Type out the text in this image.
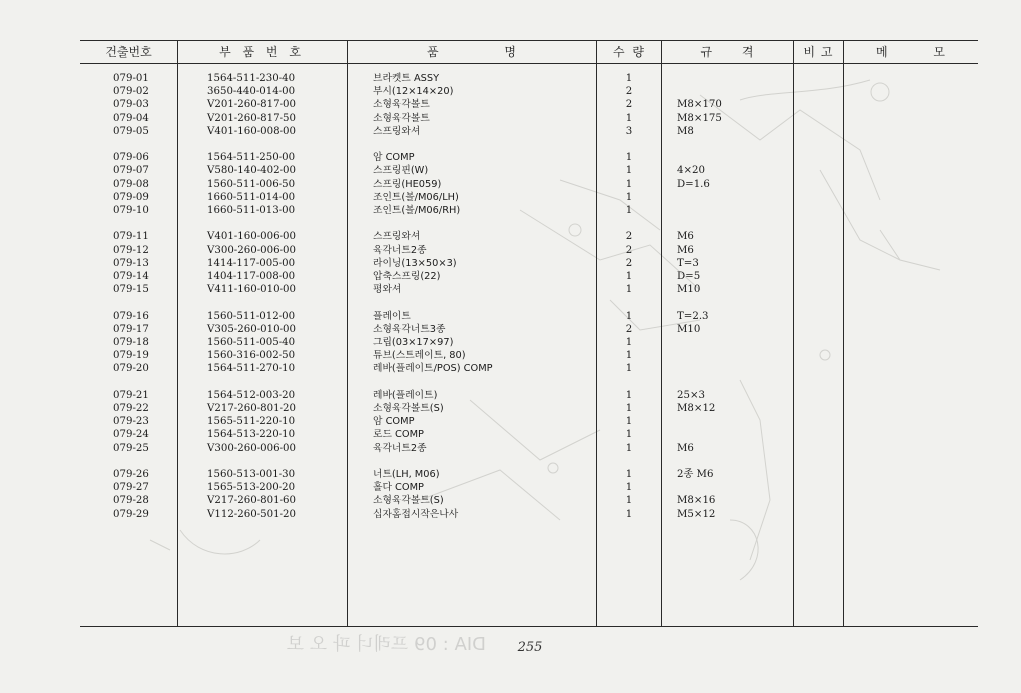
건출번호	부 품 번 호	품 명	수 량	규 격	비 고	메 모
079-01	1564-511-230-40	브라켓트 ASSY	1
079-02	3650-440-014-00	부시(12×14×20)	2
079-03	V201-260-817-00	소형육각볼트	2	M8×170
079-04	V201-260-817-50	소형육각볼트	1	M8×175
079-05	V401-160-008-00	스프링와셔	3	M8
079-06	1564-511-250-00	암 COMP	1
079-07	V580-140-402-00	스프링핀(W)	1	4×20
079-08	1560-511-006-50	스프링(HE059)	1	D=1.6
079-09	1660-511-014-00	조인트(볼/M06/LH)	1
079-10	1660-511-013-00	조인트(볼/M06/RH)	1
079-11	V401-160-006-00	스프링와셔	2	M6
079-12	V300-260-006-00	육각너트2종	2	M6
079-13	1414-117-005-00	라이닝(13×50×3)	2	T=3
079-14	1404-117-008-00	압축스프링(22)	1	D=5
079-15	V411-160-010-00	평와셔	1	M10
079-16	1560-511-012-00	플레이트	1	T=2.3
079-17	V305-260-010-00	소형육각너트3종	2	M10
079-18	1560-511-005-40	그립(03×17×97)	1
079-19	1560-316-002-50	튜브(스트레이트, 80)	1
079-20	1564-511-270-10	레바(플레이트/POS) COMP	1
079-21	1564-512-003-20	레바(플레이트)	1	25×3
079-22	V217-260-801-20	소형육각볼트(S)	1	M8×12
079-23	1565-511-220-10	암 COMP	1
079-24	1564-513-220-10	로드 COMP	1
079-25	V300-260-006-00	육각너트2종	1	M6
079-26	1560-513-001-30	너트(LH, M06)	1	2종 M6
079-27	1565-513-200-20	홀다 COMP	1
079-28	V217-260-801-60	소형육각볼트(S)	1	M8×16
079-29	V112-260-501-20	십자홈접시작은나사	1	M5×12
255
DIA : 09 프레너 파 오 보
